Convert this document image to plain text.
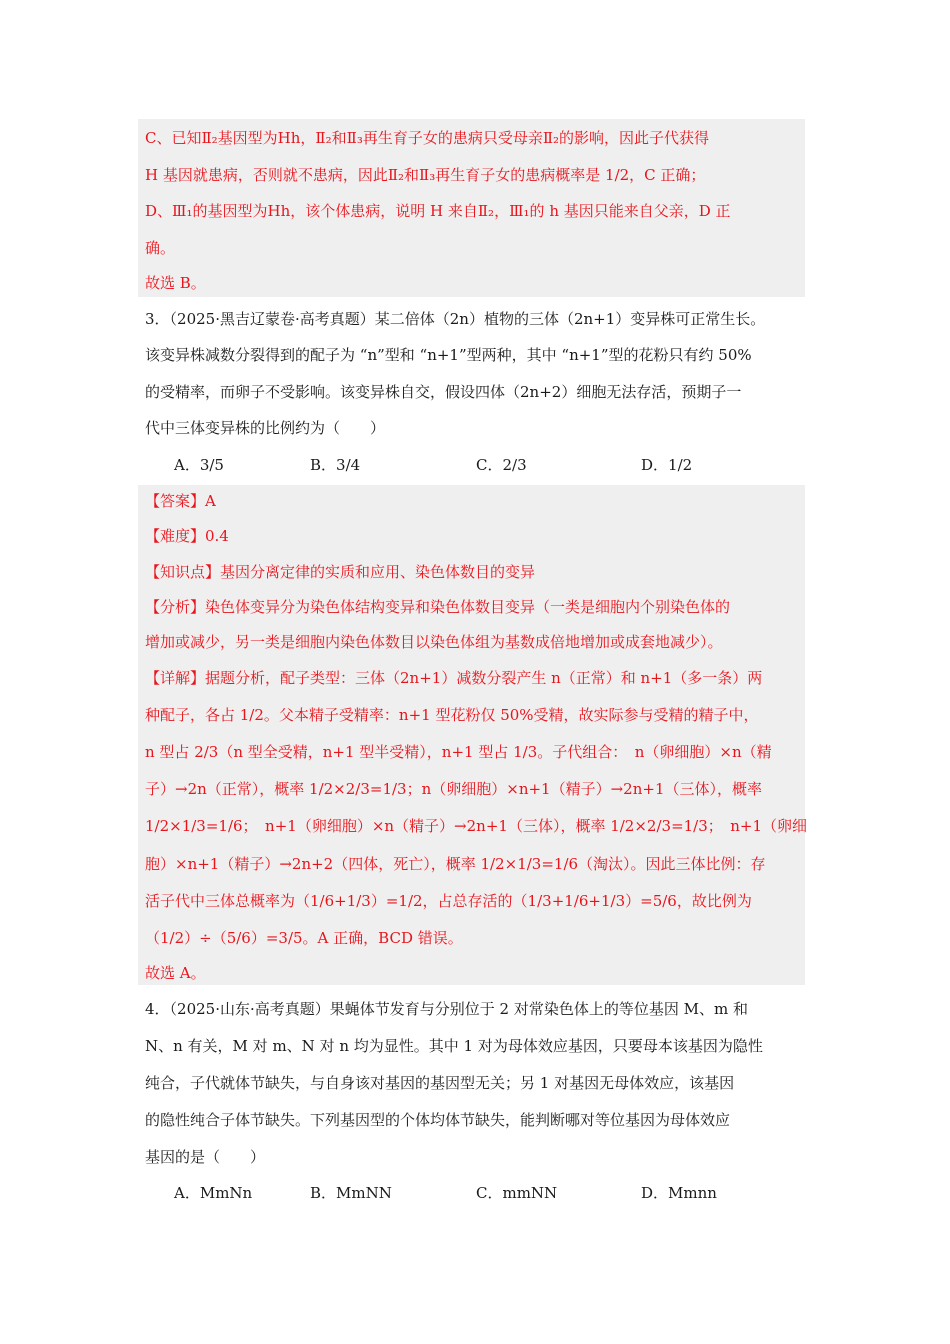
C、已知Ⅱ₂基因型为Hh，Ⅱ₂和Ⅱ₃再生育子女的患病只受母亲Ⅱ₂的影响，因此子代获得
H 基因就患病，否则就不患病，因此Ⅱ₂和Ⅱ₃再生育子女的患病概率是 1/2，C 正确；
D、Ⅲ₁的基因型为Hh，该个体患病，说明 H 来自Ⅱ₂，Ⅲ₁的 h 基因只能来自父亲，D 正
确。
故选 B。
3．（2025·黑吉辽蒙卷·高考真题）某二倍体（2n）植物的三体（2n+1）变异株可正常生长。
该变异株减数分裂得到的配子为 “n”型和 “n+1”型两种，其中 “n+1”型的花粉只有约 50%
的受精率，而卵子不受影响。该变异株自交，假设四体（2n+2）细胞无法存活，预期子一
代中三体变异株的比例约为（　　）
A．3/5	B．3/4	C．2/3	D．1/2
【答案】A
【难度】0.4
【知识点】基因分离定律的实质和应用、染色体数目的变异
【分析】染色体变异分为染色体结构变异和染色体数目变异（一类是细胞内个别染色体的
增加或减少，另一类是细胞内染色体数目以染色体组为基数成倍地增加或成套地减少）。
【详解】据题分析，配子类型：三体（2n+1）减数分裂产生 n（正常）和 n+1（多一条）两
种配子，各占 1/2。父本精子受精率：n+1 型花粉仅 50%受精，故实际参与受精的精子中，
n 型占 2/3（n 型全受精，n+1 型半受精），n+1 型占 1/3。子代组合：　n（卵细胞）×n（精
子）→2n（正常），概率 1/2×2/3=1/3；n（卵细胞）×n+1（精子）→2n+1（三体），概率
1/2×1/3=1/6；　n+1（卵细胞）×n（精子）→2n+1（三体），概率 1/2×2/3=1/3；　n+1（卵细
胞）×n+1（精子）→2n+2（四体，死亡），概率 1/2×1/3=1/6（淘汰）。因此三体比例：存
活子代中三体总概率为（1/6+1/3）=1/2，占总存活的（1/3+1/6+1/3）=5/6，故比例为
（1/2）÷（5/6）=3/5。A 正确，BCD 错误。
故选 A。
4．（2025·山东·高考真题）果蝇体节发育与分别位于 2 对常染色体上的等位基因 M、m 和
N、n 有关，M 对 m、N 对 n 均为显性。其中 1 对为母体效应基因，只要母本该基因为隐性
纯合，子代就体节缺失，与自身该对基因的基因型无关；另 1 对基因无母体效应，该基因
的隐性纯合子体节缺失。下列基因型的个体均体节缺失，能判断哪对等位基因为母体效应
基因的是（　　）
A．MmNn	B．MmNN	C．mmNN	D．Mmnn
